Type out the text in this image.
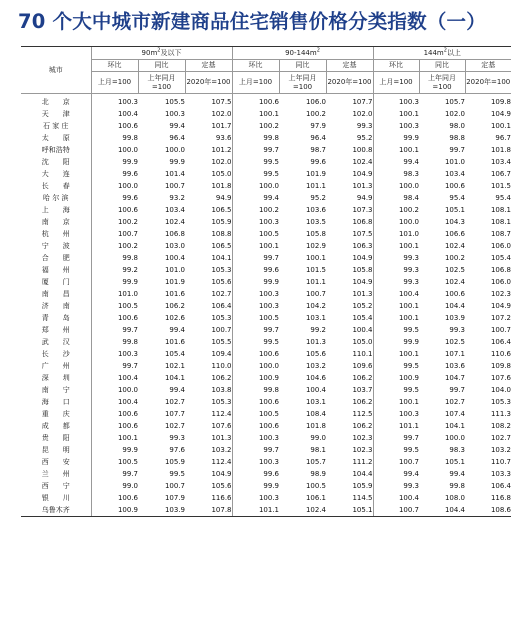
70 个大中城市新建商品住宅销售价格分类指数（一）
城市	$90m^2$及以下			$90-144m^2$			$144m^2$以上		
	环比	同比	定基	环比	同比	定基	环比	同比	定基
	上月=100	上年同月=100	2020年=100	上月=100	上年同月=100	2020年=100	上月=100	上年同月=100	2020年=100
北　　京	100.3	105.5	107.5	100.6	106.0	107.7	100.3	105.7	109.8
天　　津	100.4	100.3	102.0	100.1	100.2	102.0	100.1	102.0	104.9
石 家 庄	100.6	99.4	101.7	100.2	97.9	99.3	100.3	98.0	100.1
太　　原	99.8	96.4	93.6	99.8	96.4	95.2	99.9	98.8	96.7
呼和浩特	100.0	100.0	101.2	99.7	98.7	100.8	100.1	99.7	101.8
沈　　阳	99.9	99.9	102.0	99.5	99.6	102.4	99.4	101.0	103.4
大　　连	99.6	101.4	105.0	99.5	101.9	104.9	98.3	103.4	106.7
长　　春	100.0	100.7	101.8	100.0	101.1	101.3	100.0	100.6	101.5
哈 尔 滨	99.6	93.2	94.9	99.4	95.2	94.9	98.4	95.4	95.4
上　　海	100.6	103.4	106.5	100.2	103.6	107.3	100.2	105.1	108.1
南　　京	100.2	102.4	105.9	100.3	103.5	106.8	100.0	104.3	108.1
杭　　州	100.7	106.8	108.8	100.5	105.8	107.5	101.0	106.6	108.7
宁　　波	100.2	103.0	106.5	100.1	102.9	106.3	100.1	102.4	106.0
合　　肥	99.8	100.4	104.1	99.7	100.1	104.9	99.3	100.2	105.4
福　　州	99.2	101.0	105.3	99.6	101.5	105.8	99.3	102.5	106.8
厦　　门	99.9	101.9	105.6	99.9	101.1	104.9	99.3	102.4	106.0
南　　昌	101.0	101.6	102.7	100.3	100.7	101.3	100.4	100.6	102.3
济　　南	100.5	106.2	106.4	100.3	104.2	105.2	100.1	104.4	104.9
青　　岛	100.6	102.6	105.3	100.5	103.1	105.4	100.1	103.9	107.2
郑　　州	99.7	99.4	100.7	99.7	99.2	100.4	99.5	99.3	100.7
武　　汉	99.8	101.6	105.5	99.5	101.3	105.0	99.9	102.5	106.4
长　　沙	100.3	105.4	109.4	100.6	105.6	110.1	100.1	107.1	110.6
广　　州	99.7	102.1	110.0	100.0	103.2	109.6	99.5	103.6	109.8
深　　圳	100.4	104.1	106.2	100.9	104.6	106.2	100.9	104.7	107.6
南　　宁	100.0	99.4	103.8	99.8	100.4	103.7	99.5	99.7	104.0
海　　口	100.4	102.7	105.3	100.6	103.1	106.2	100.1	102.7	105.3
重　　庆	100.6	107.7	112.4	100.5	108.4	112.5	100.3	107.4	111.3
成　　都	100.6	102.7	107.6	100.6	101.8	106.2	101.1	104.1	108.2
贵　　阳	100.1	99.3	101.3	100.3	99.0	102.3	99.7	100.0	102.7
昆　　明	99.9	97.6	103.2	99.7	98.1	102.3	99.5	98.3	103.2
西　　安	100.5	105.9	112.4	100.3	105.7	111.2	100.7	105.1	110.7
兰　　州	99.7	99.5	104.9	99.6	98.9	104.4	99.4	99.4	103.3
西　　宁	99.0	100.7	105.6	99.9	100.5	105.9	99.3	99.8	106.4
银　　川	100.6	107.9	116.6	100.3	106.1	114.5	100.4	108.0	116.8
乌鲁木齐	100.9	103.9	107.8	101.1	102.4	105.1	100.7	104.4	108.6
